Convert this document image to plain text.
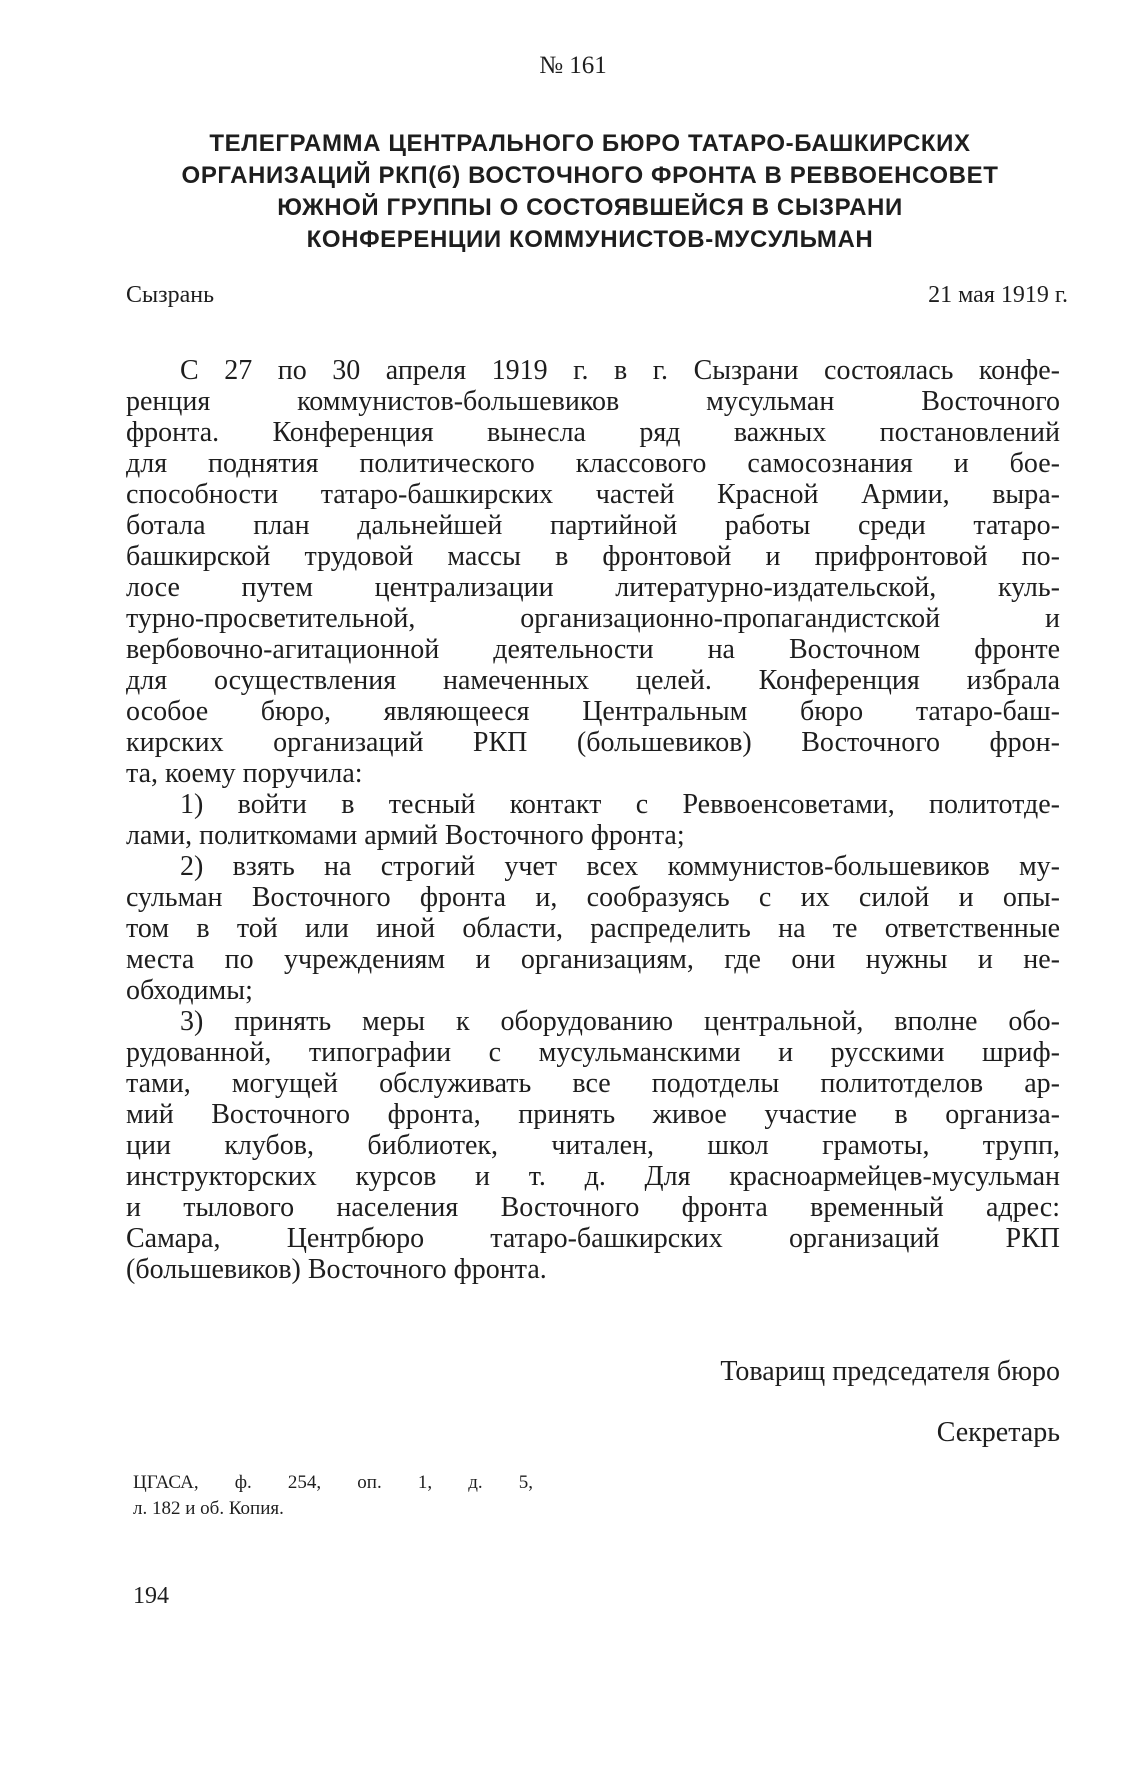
№ 161

ТЕЛЕГРАММА ЦЕНТРАЛЬНОГО БЮРО ТАТАРО-БАШКИРСКИХ
ОРГАНИЗАЦИЙ РКП(б) ВОСТОЧНОГО ФРОНТА В РЕВВОЕНСОВЕТ
ЮЖНОЙ ГРУППЫ О СОСТОЯВШЕЙСЯ В СЫЗРАНИ
КОНФЕРЕНЦИИ КОММУНИСТОВ-МУСУЛЬМАН

Сызрань	21 мая 1919 г.

С 27 по 30 апреля 1919 г. в г. Сызрани состоялась конфе-
ренция коммунистов-большевиков мусульман Восточного
фронта. Конференция вынесла ряд важных постановлений
для поднятия политического классового самосознания и бое-
способности татаро-башкирских частей Красной Армии, выра-
ботала план дальнейшей партийной работы среди татаро-
башкирской трудовой массы в фронтовой и прифронтовой по-
лосе путем централизации литературно-издательской, куль-
турно-просветительной, организационно-пропагандистской и
вербовочно-агитационной деятельности на Восточном фронте
для осуществления намеченных целей. Конференция избрала
особое бюро, являющееся Центральным бюро татаро-баш-
кирских организаций РКП (большевиков) Восточного фрон-
та, коему поручила:
1) войти в тесный контакт с Реввоенсоветами, политотде-
лами, политкомами армий Восточного фронта;
2) взять на строгий учет всех коммунистов-большевиков му-
сульман Восточного фронта и, сообразуясь с их силой и опы-
том в той или иной области, распределить на те ответственные
места по учреждениям и организациям, где они нужны и не-
обходимы;
3) принять меры к оборудованию центральной, вполне обо-
рудованной, типографии с мусульманскими и русскими шриф-
тами, могущей обслуживать все подотделы политотделов ар-
мий Восточного фронта, принять живое участие в организа-
ции клубов, библиотек, читален, школ грамоты, трупп,
инструкторских курсов и т. д. Для красноармейцев-мусульман
и тылового населения Восточного фронта временный адрес:
Самара, Центрбюро татаро-башкирских организаций РКП
(большевиков) Восточного фронта.

Товарищ председателя бюро

Секретарь

ЦГАСА, ф. 254, оп. 1, д. 5,
л. 182 и об. Копия.

194
